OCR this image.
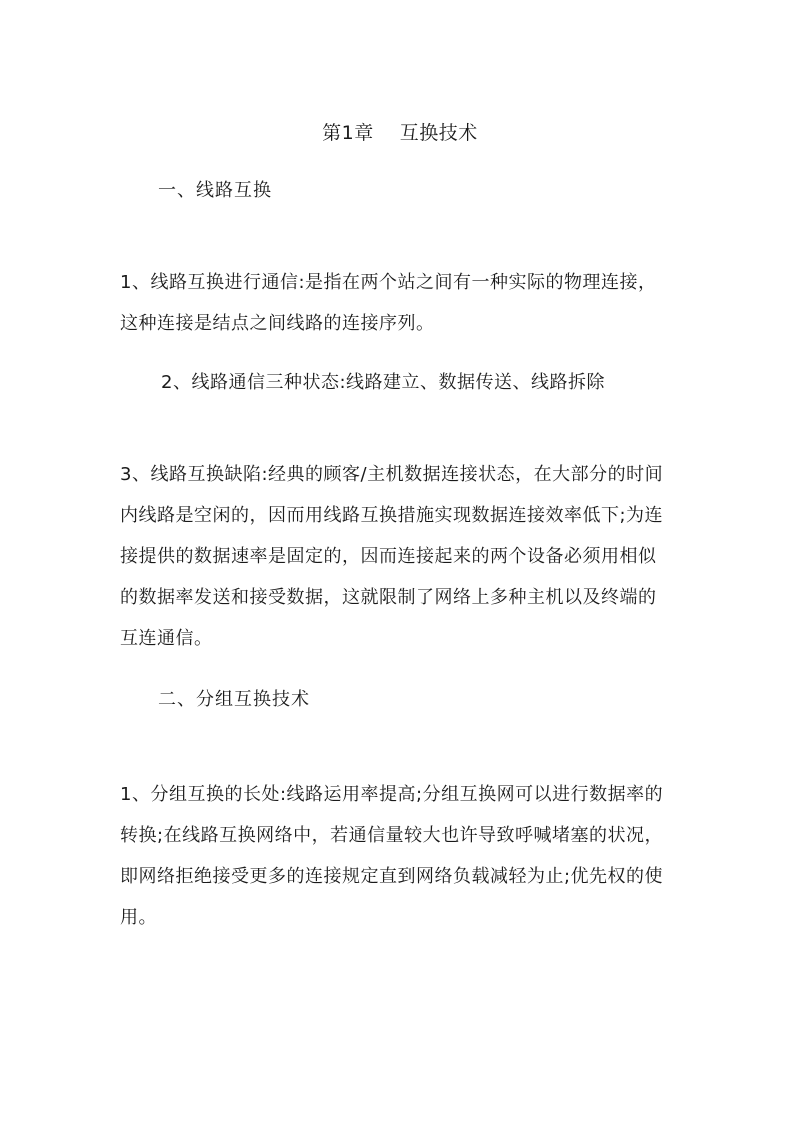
第1章　 互换技术
一、线路互换
1、线路互换进行通信:是指在两个站之间有一种实际的物理连接，
这种连接是结点之间线路的连接序列。
2、线路通信三种状态:线路建立、数据传送、线路拆除
3、线路互换缺陷:经典的顾客/主机数据连接状态，在大部分的时间
内线路是空闲的，因而用线路互换措施实现数据连接效率低下;为连
接提供的数据速率是固定的，因而连接起来的两个设备必须用相似
的数据率发送和接受数据，这就限制了网络上多种主机以及终端的
互连通信。
二、分组互换技术
1、分组互换的长处:线路运用率提高;分组互换网可以进行数据率的
转换;在线路互换网络中，若通信量较大也许导致呼喊堵塞的状况，
即网络拒绝接受更多的连接规定直到网络负载减轻为止;优先权的使
用。
